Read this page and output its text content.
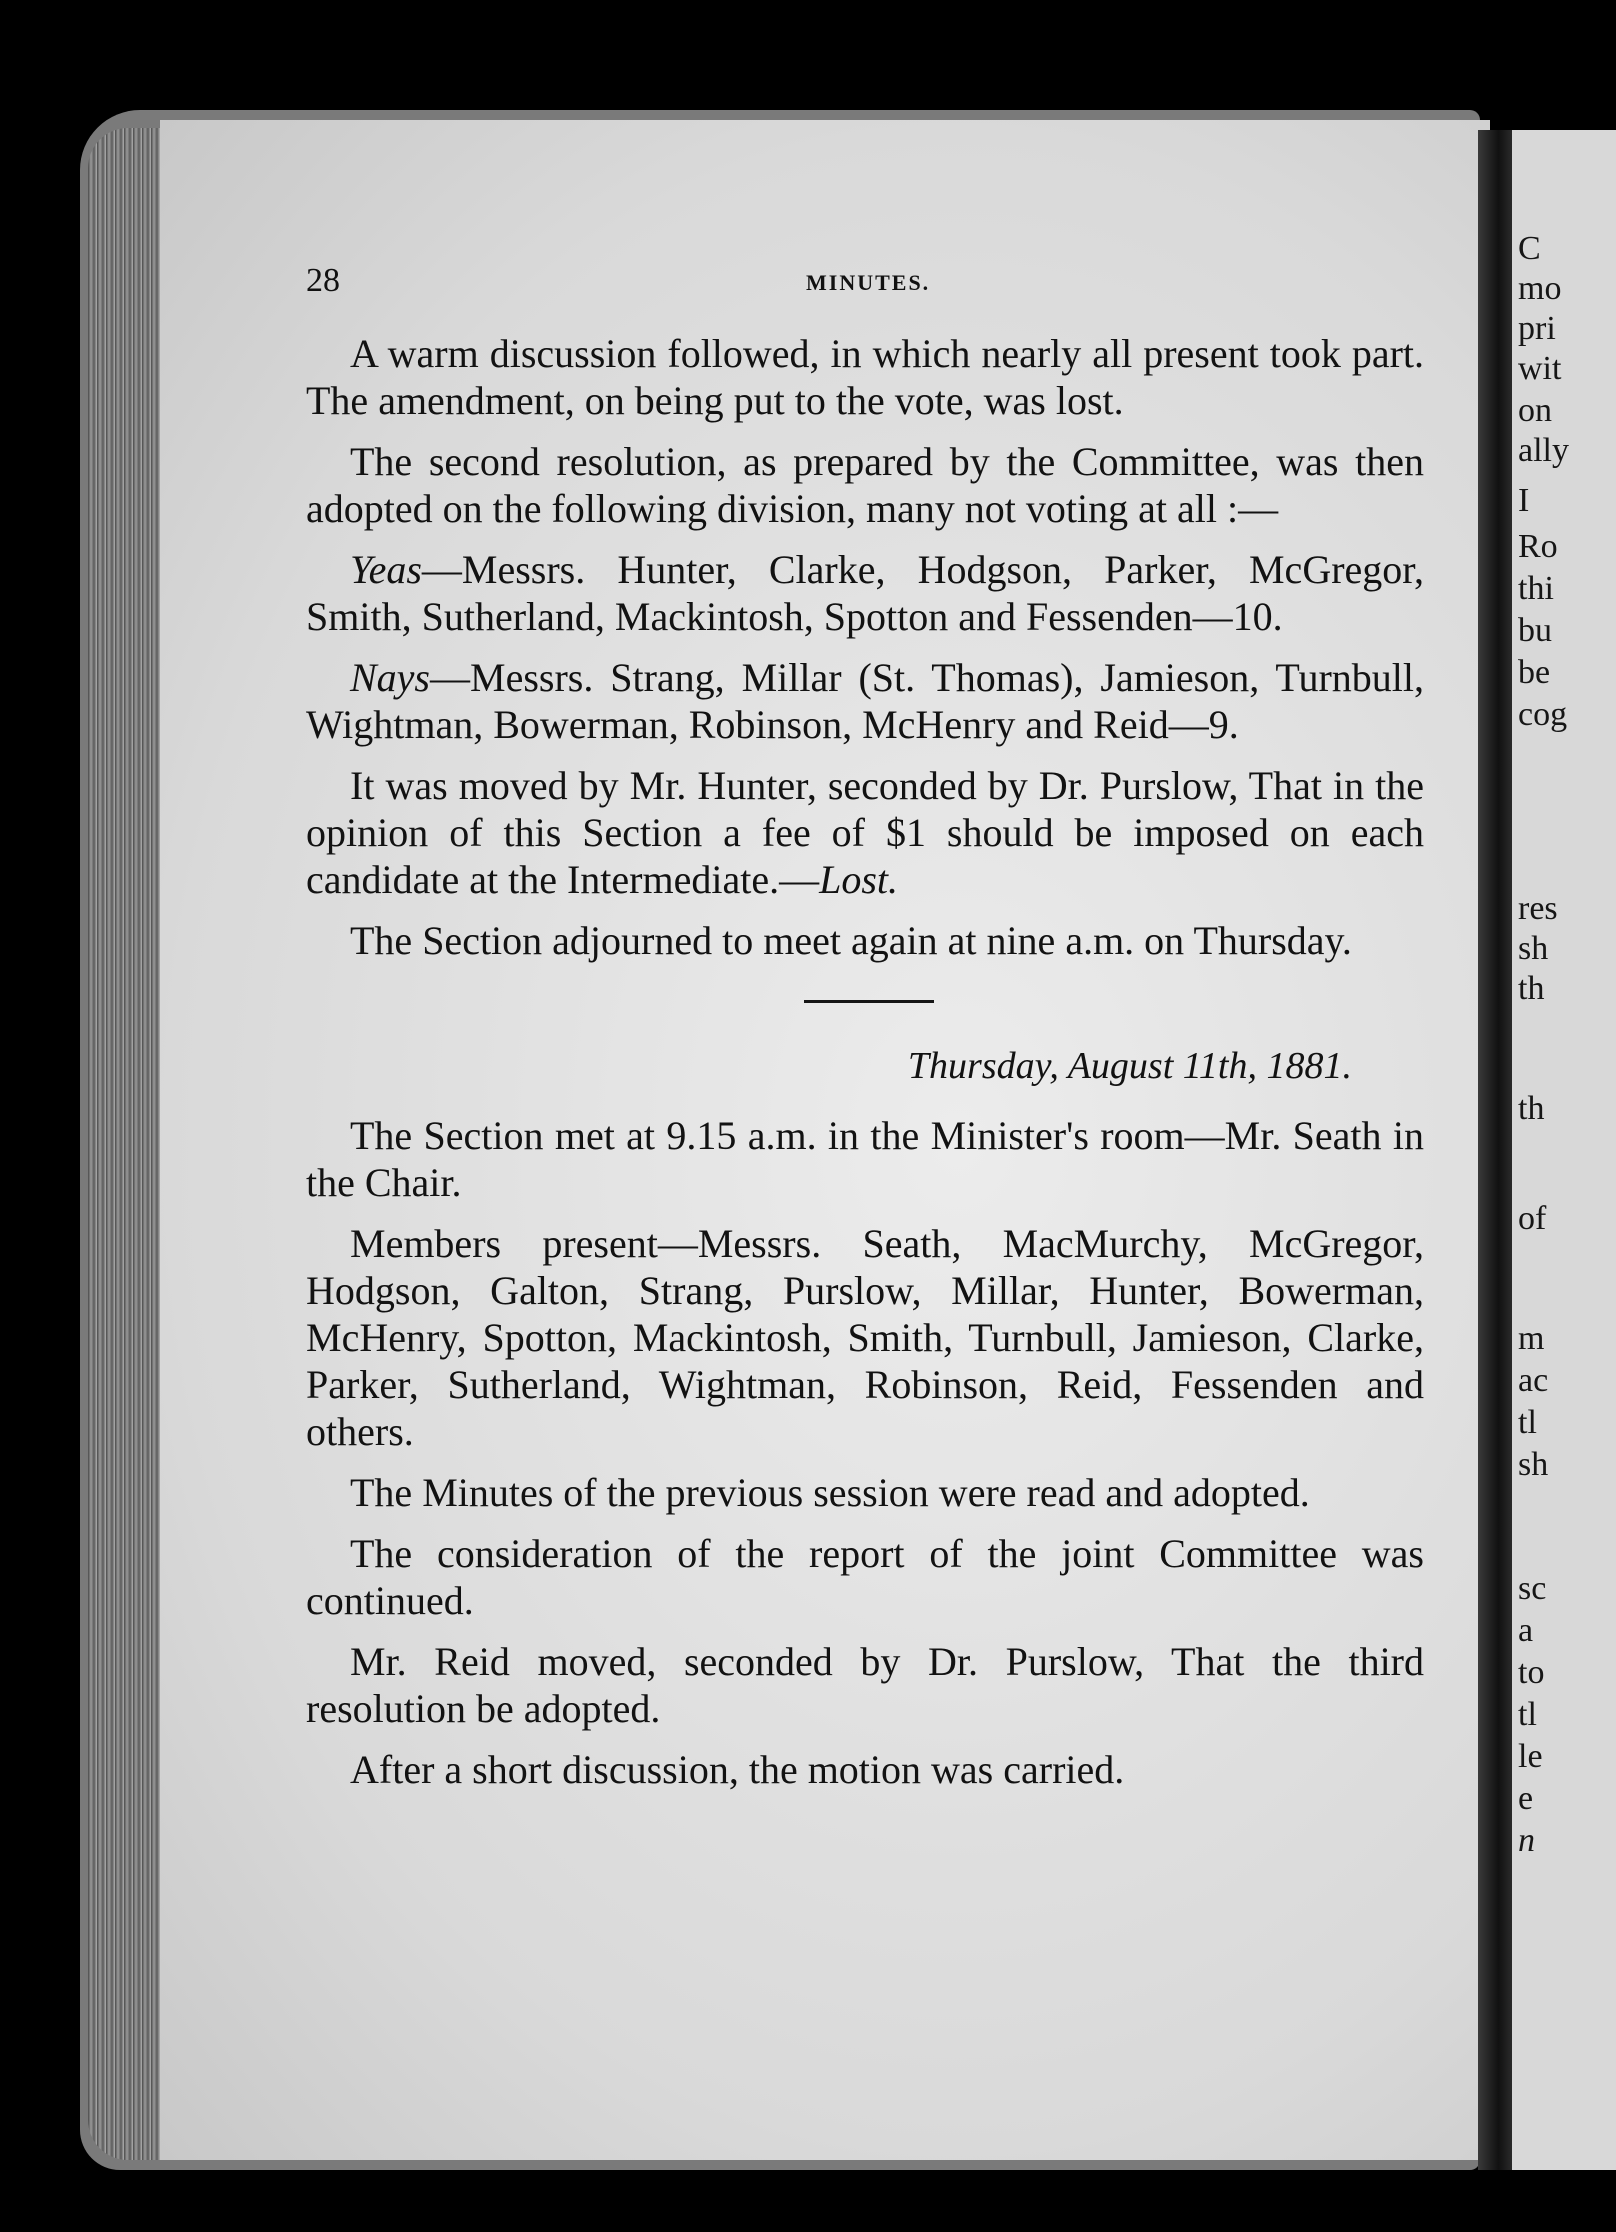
C
mo
pri
wit
on
ally
I
Ro
thi
bu
be
cog
res
sh
th
th
of
m
ac
tl
sh
sc
a
to
tl
le
e
n
28	MINUTES.

A warm discussion followed, in which nearly all present took part. The amendment, on being put to the vote, was lost.

The second resolution, as prepared by the Committee, was then adopted on the following division, many not voting at all :—

Yeas—Messrs. Hunter, Clarke, Hodgson, Parker, McGregor, Smith, Sutherland, Mackintosh, Spotton and Fessenden—10.

Nays—Messrs. Strang, Millar (St. Thomas), Jamieson, Turnbull, Wightman, Bowerman, Robinson, McHenry and Reid—9.

It was moved by Mr. Hunter, seconded by Dr. Purslow, That in the opinion of this Section a fee of $1 should be imposed on each candidate at the Intermediate.—Lost.

The Section adjourned to meet again at nine a.m. on Thursday.

Thursday, August 11th, 1881.

The Section met at 9.15 a.m. in the Minister's room—Mr. Seath in the Chair.

Members present—Messrs. Seath, MacMurchy, McGregor, Hodgson, Galton, Strang, Purslow, Millar, Hunter, Bowerman, McHenry, Spotton, Mackintosh, Smith, Turnbull, Jamieson, Clarke, Parker, Sutherland, Wightman, Robinson, Reid, Fessenden and others.

The Minutes of the previous session were read and adopted.

The consideration of the report of the joint Committee was continued.

Mr. Reid moved, seconded by Dr. Purslow, That the third resolution be adopted.

After a short discussion, the motion was carried.
